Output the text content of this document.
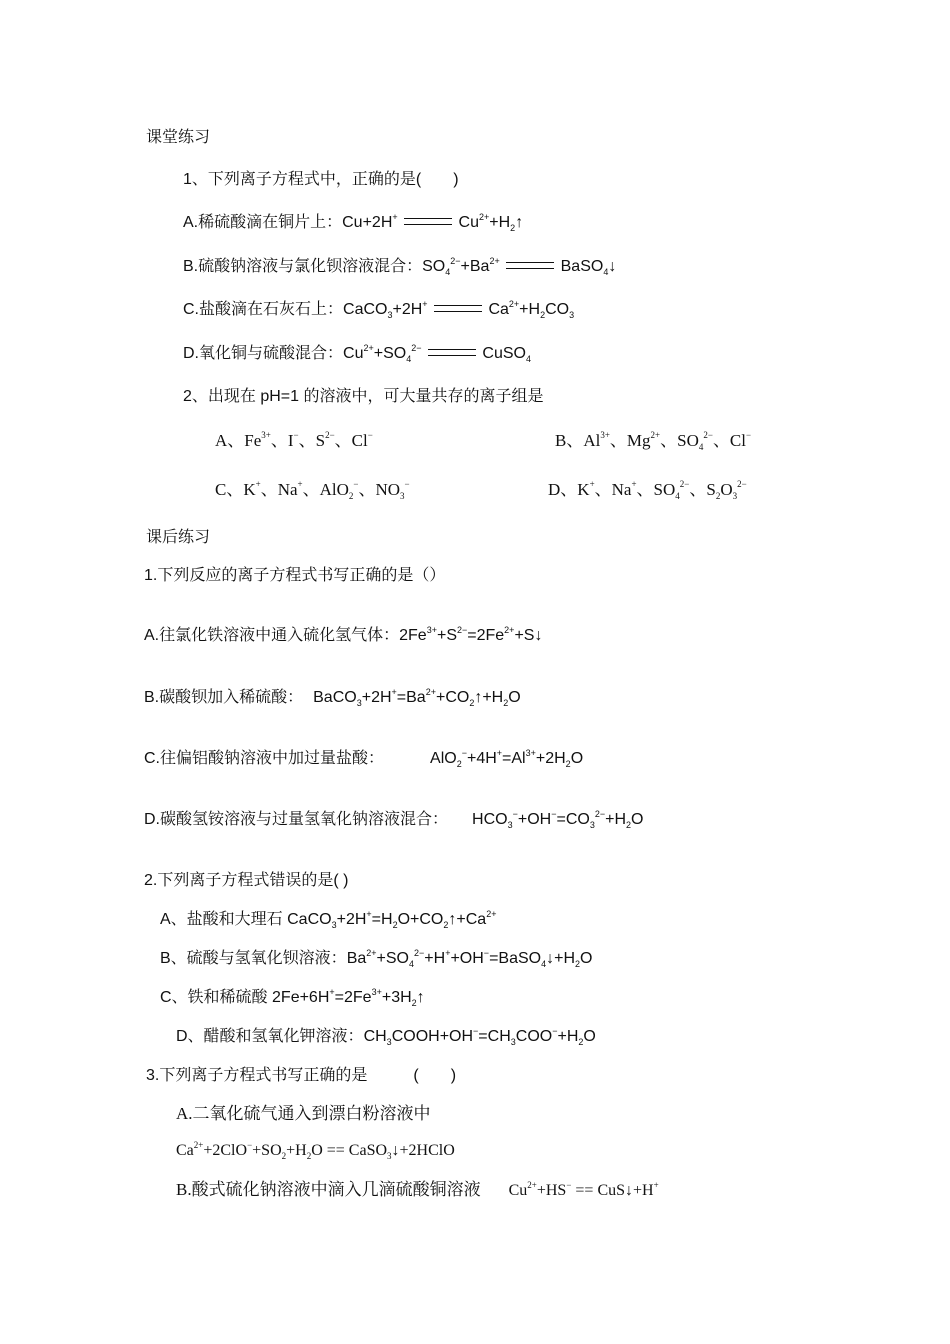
课堂练习
1、下列离子方程式中，正确的是(　　)
A.稀硫酸滴在铜片上：Cu+2H+	$Cu^{2+}+H_2↑$
B.硫酸钠溶液与氯化钡溶液混合：$SO_4^{2-}+Ba^{2+}$	BaSO$_4$↓
C.盐酸滴在石灰石上：CaCO$_3$+2H+	$Ca^{2+}+H_2CO_3$
D.氧化铜与硫酸混合：$Cu^{2+}+SO_4^{2-}$	CuSO$_4$
2、出现在 pH=1 的溶液中，可大量共存的离子组是
A、$Fe^{3+}$、I−、$S^{2-}$、Cl−	B、$Al^{3+}$、$Mg^{2+}$、$SO_4^{2-}$、Cl−
C、K+、Na+、AlO$_2$−、$NO_3^-$	D、K+、Na+、$SO_4^{2-}$、$S_2O_3^{2-}$
课后练习
1.下列反应的离子方程式书写正确的是（）
A.往氯化铁溶液中通入硫化氢气体：$2Fe^{3+}+S^{2-}=2Fe^{2+}+S↓$
B.碳酸钡加入稀硫酸： $BaCO_3+2H^+=Ba^{2+}+CO_2↑+H_2O$
C.往偏铝酸钠溶液中加过量盐酸：	$AlO_2^-+4H^+=Al^{3+}+2H_2O$
D.碳酸氢铵溶液与过量氢氧化钠溶液混合： $HCO_3^-+OH^-=CO_3^{2-}+H_2O$
2.下列离子方程式错误的是( )
A、盐酸和大理石 $CaCO_3+2H^+=H_2O+CO_2↑+Ca^{2+}$
B、硫酸与氢氧化钡溶液：$Ba^{2+}+SO_4^{2-}+H^++OH^-=BaSO_4↓+H_2O$
C、铁和稀硫酸 $2Fe+6H^+=2Fe^{3+}+3H_2↑$
D、醋酸和氢氧化钾溶液：$CH_3COOH+OH^-=CH_3COO^-+H_2O$
3.下列离子方程式书写正确的是	(　　)
A.二氧化硫气通入到漂白粉溶液中
$Ca^{2+}+2ClO^-+SO_2+H_2O$ == CaSO$_3$↓+2HClO
B.酸式硫化钠溶液中滴入几滴硫酸铜溶液 $Cu^{2+}+HS^-$ == CuS↓+H+
